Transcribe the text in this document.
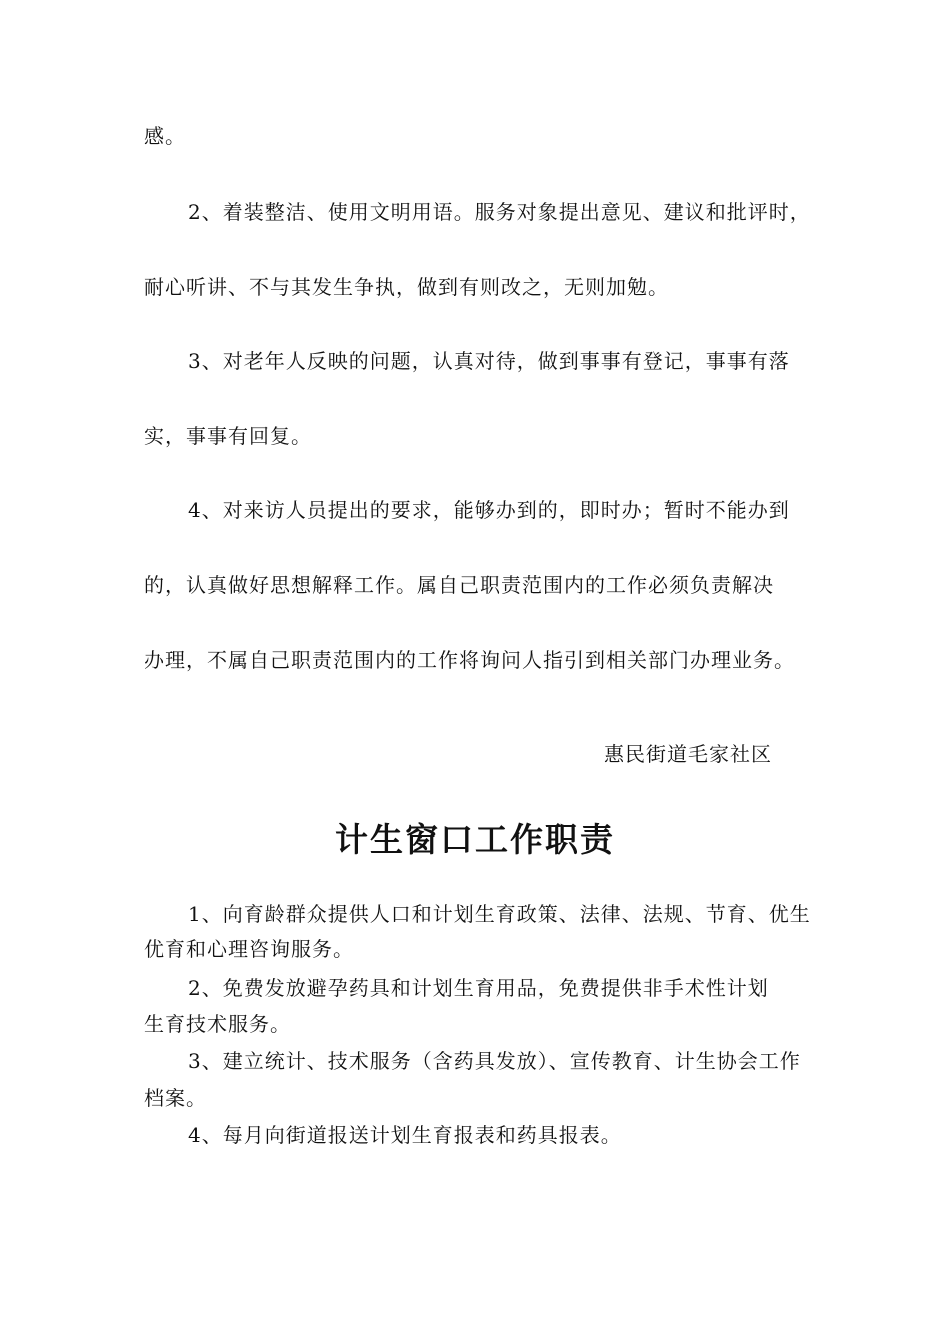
感。
2、着装整洁、使用文明用语。服务对象提出意见、建议和批评时，
耐心听讲、不与其发生争执，做到有则改之，无则加勉。
3、对老年人反映的问题，认真对待，做到事事有登记，事事有落
实，事事有回复。
4、对来访人员提出的要求，能够办到的，即时办；暂时不能办到
的，认真做好思想解释工作。属自己职责范围内的工作必须负责解决
办理，不属自己职责范围内的工作将询问人指引到相关部门办理业务。
惠民街道毛家社区
计生窗口工作职责
1、向育龄群众提供人口和计划生育政策、法律、法规、节育、优生
优育和心理咨询服务。
2、免费发放避孕药具和计划生育用品，免费提供非手术性计划
生育技术服务。
3、建立统计、技术服务（含药具发放）、宣传教育、计生协会工作
档案。
4、每月向街道报送计划生育报表和药具报表。
